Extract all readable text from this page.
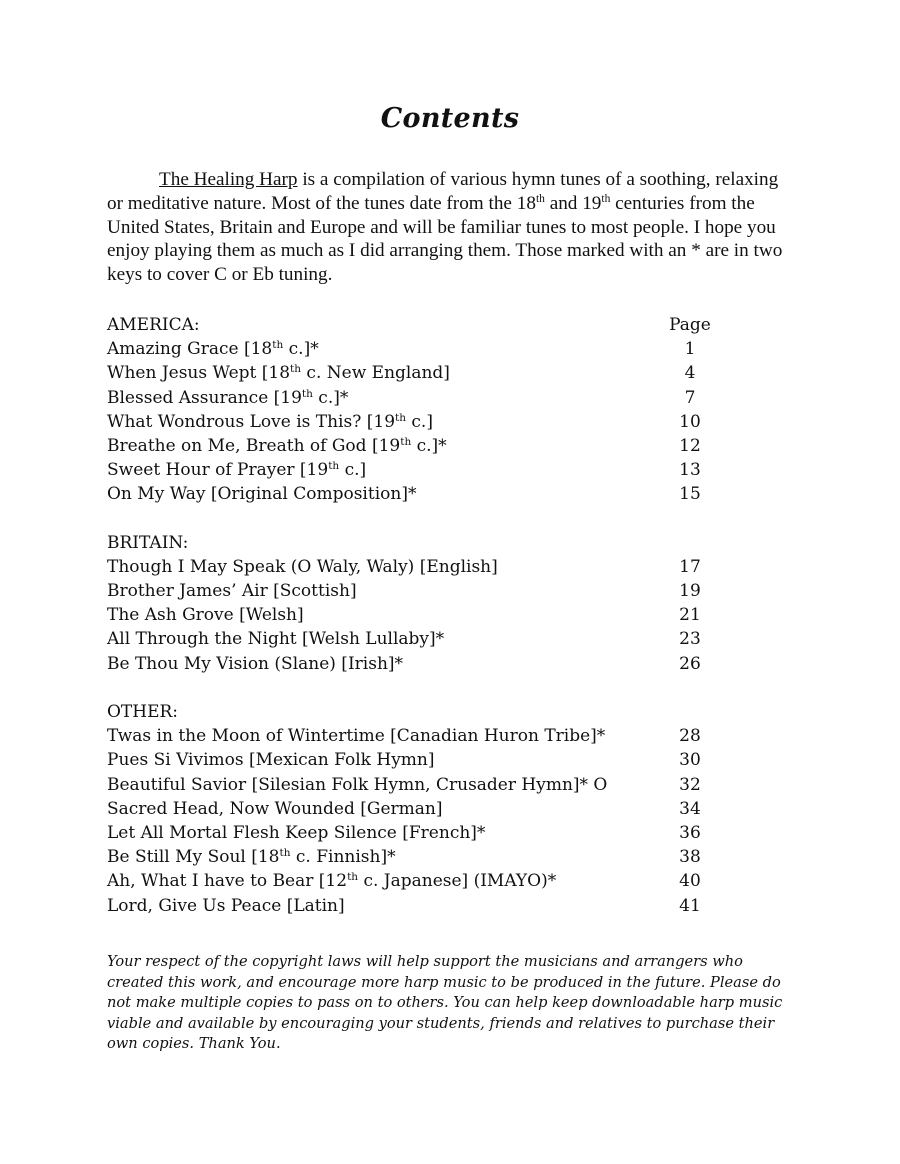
Contents

The Healing Harp is a compilation of various hymn tunes of a soothing, relaxing or meditative nature. Most of the tunes date from the 18th and 19th centuries from the United States, Britain and Europe and will be familiar tunes to most people. I hope you enjoy playing them as much as I did arranging them. Those marked with an * are in two keys to cover C or Eb tuning.

AMERICA:	Page
Amazing Grace [18th c.]*	1
When Jesus Wept [18th c. New England]	4
Blessed Assurance [19th c.]*	7
What Wondrous Love is This? [19th c.]	10
Breathe on Me, Breath of God [19th c.]*	12
Sweet Hour of Prayer [19th c.]	13
On My Way [Original Composition]*	15
BRITAIN:
Though I May Speak (O Waly, Waly) [English]	17
Brother James’ Air [Scottish]	19
The Ash Grove [Welsh]	21
All Through the Night [Welsh Lullaby]*	23
Be Thou My Vision (Slane) [Irish]*	26
OTHER:
Twas in the Moon of Wintertime [Canadian Huron Tribe]*	28
Pues Si Vivimos [Mexican Folk Hymn]	30
Beautiful Savior [Silesian Folk Hymn, Crusader Hymn]* O	32
Sacred Head, Now Wounded [German]	34
Let All Mortal Flesh Keep Silence [French]*	36
Be Still My Soul [18th c. Finnish]*	38
Ah, What I have to Bear [12th c. Japanese] (IMAYO)*	40
Lord, Give Us Peace [Latin]	41

Your respect of the copyright laws will help support the musicians and arrangers who created this work, and encourage more harp music to be produced in the future. Please do not make multiple copies to pass on to others. You can help keep downloadable harp music viable and available by encouraging your students, friends and relatives to purchase their own copies. Thank You.
